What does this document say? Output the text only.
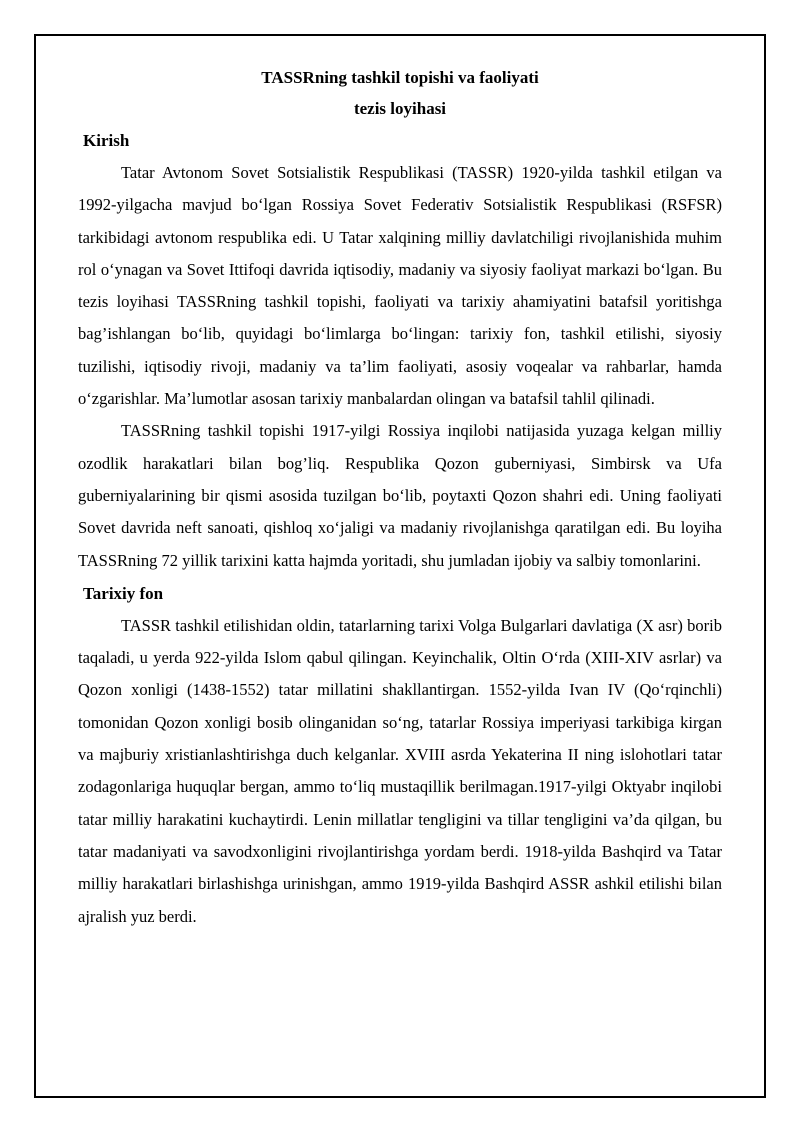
TASSRning tashkil topishi va faoliyati
tezis loyihasi
Kirish

Tatar Avtonom Sovet Sotsialistik Respublikasi (TASSR) 1920-yilda tashkil etilgan va 1992-yilgacha mavjud boʻlgan Rossiya Sovet Federativ Sotsialistik Respublikasi (RSFSR) tarkibidagi avtonom respublika edi. U Tatar xalqining milliy davlatchiligi rivojlanishida muhim rol oʻynagan va Sovet Ittifoqi davrida iqtisodiy, madaniy va siyosiy faoliyat markazi boʻlgan. Bu tezis loyihasi TASSRning tashkil topishi, faoliyati va tarixiy ahamiyatini batafsil yoritishga bag’ishlangan boʻlib, quyidagi boʻlimlarga boʻlingan: tarixiy fon, tashkil etilishi, siyosiy tuzilishi, iqtisodiy rivoji, madaniy va ta’lim faoliyati, asosiy voqealar va rahbarlar, hamda oʻzgarishlar. Ma’lumotlar asosan tarixiy manbalardan olingan va batafsil tahlil qilinadi.

TASSRning tashkil topishi 1917-yilgi Rossiya inqilobi natijasida yuzaga kelgan milliy ozodlik harakatlari bilan bog’liq. Respublika Qozon guberniyasi, Simbirsk va Ufa guberniyalarining bir qismi asosida tuzilgan boʻlib, poytaxti Qozon shahri edi. Uning faoliyati Sovet davrida neft sanoati, qishloq xoʻjaligi va madaniy rivojlanishga qaratilgan edi. Bu loyiha TASSRning 72 yillik tarixini katta hajmda yoritadi, shu jumladan ijobiy va salbiy tomonlarini.

Tarixiy fon

TASSR tashkil etilishidan oldin, tatarlarning tarixi Volga Bulgarlari davlatiga (X asr) borib taqaladi, u yerda 922-yilda Islom qabul qilingan. Keyinchalik, Oltin Oʻrda (XIII-XIV asrlar) va Qozon xonligi (1438-1552) tatar millatini shakllantirgan. 1552-yilda Ivan IV (Qoʻrqinchli) tomonidan Qozon xonligi bosib olinganidan soʻng, tatarlar Rossiya imperiyasi tarkibiga kirgan va majburiy xristianlashtirishga duch kelganlar. XVIII asrda Yekaterina II ning islohotlari tatar zodagonlariga huquqlar bergan, ammo toʻliq mustaqillik berilmagan.1917-yilgi Oktyabr inqilobi tatar milliy harakatini kuchaytirdi. Lenin millatlar tengligini va tillar tengligini va’da qilgan, bu tatar madaniyati va savodxonligini rivojlantirishga yordam berdi. 1918-yilda Bashqird va Tatar milliy harakatlari birlashishga urinishgan, ammo 1919-yilda Bashqird ASSR ashkil etilishi bilan ajralish yuz berdi.
